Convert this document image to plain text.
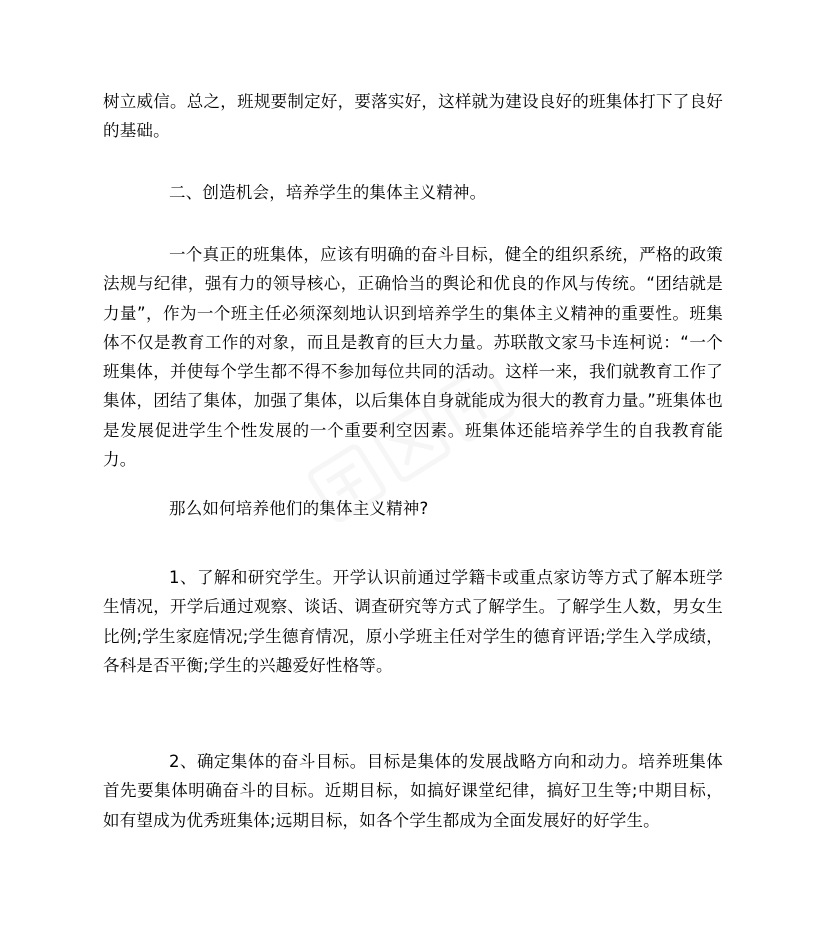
树立威信。总之，班规要制定好，要落实好，这样就为建设良好的班集体打下了良好的基础。

二、创造机会，培养学生的集体主义精神。

一个真正的班集体，应该有明确的奋斗目标，健全的组织系统，严格的政策法规与纪律，强有力的领导核心，正确恰当的舆论和优良的作风与传统。“团结就是力量”，作为一个班主任必须深刻地认识到培养学生的集体主义精神的重要性。班集体不仅是教育工作的对象，而且是教育的巨大力量。苏联散文家马卡连柯说：“一个班集体，并使每个学生都不得不参加每位共同的活动。这样一来，我们就教育工作了集体，团结了集体，加强了集体，以后集体自身就能成为很大的教育力量。”班集体也是发展促进学生个性发展的一个重要利空因素。班集体还能培养学生的自我教育能力。

那么如何培养他们的集体主义精神?

1、了解和研究学生。开学认识前通过学籍卡或重点家访等方式了解本班学生情况，开学后通过观察、谈话、调查研究等方式了解学生。了解学生人数，男女生比例;学生家庭情况;学生德育情况，原小学班主任对学生的德育评语;学生入学成绩，各科是否平衡;学生的兴趣爱好性格等。

2、确定集体的奋斗目标。目标是集体的发展战略方向和动力。培养班集体首先要集体明确奋斗的目标。近期目标，如搞好课堂纪律，搞好卫生等;中期目标，如有望成为优秀班集体;远期目标，如各个学生都成为全面发展好的好学生。
